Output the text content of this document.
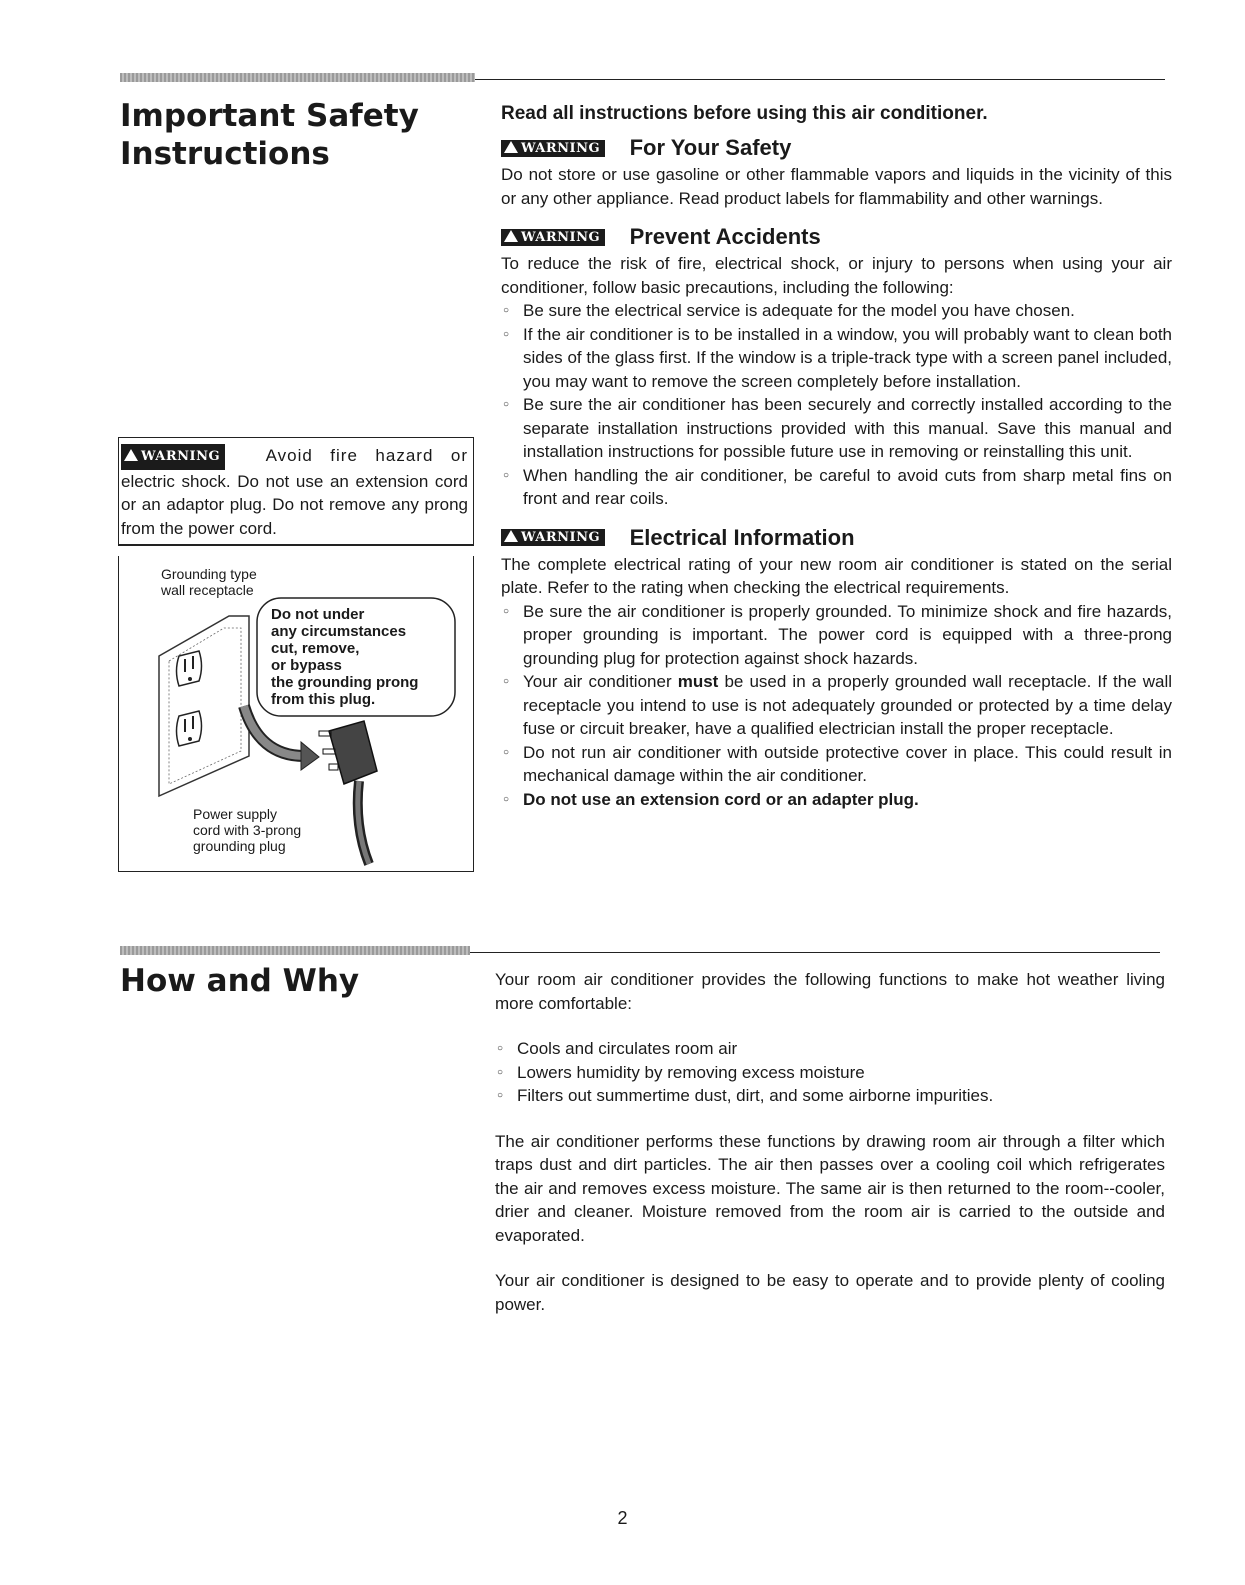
Important Safety
Instructions
Read all instructions before using this air conditioner.
WARNING For Your Safety

Do not store or use gasoline or other flammable vapors and liquids in the vicinity of this or any other appliance. Read product labels for flammability and other warnings.

WARNING Prevent Accidents

To reduce the risk of fire, electrical shock, or injury to persons when using your air conditioner, follow basic precautions, including the following:

○ Be sure the electrical service is adequate for the model you have chosen.
○ If the air conditioner is to be installed in a window, you will probably want to clean both sides of the glass first. If the window is a triple-track type with a screen panel included, you may want to remove the screen completely before installation.
○ Be sure the air conditioner has been securely and correctly installed according to the separate installation instructions provided with this manual. Save this manual and installation instructions for possible future use in removing or reinstalling this unit.
○ When handling the air conditioner, be careful to avoid cuts from sharp metal fins on front and rear coils.
WARNING Electrical Information

The complete electrical rating of your new room air conditioner is stated on the serial plate. Refer to the rating when checking the electrical requirements.

○ Be sure the air conditioner is properly grounded. To minimize shock and fire hazards, proper grounding is important. The power cord is equipped with a three-prong grounding plug for protection against shock hazards.
○ Your air conditioner must be used in a properly grounded wall receptacle. If the wall receptacle you intend to use is not adequately grounded or protected by a time delay fuse or circuit breaker, have a qualified electrician install the proper receptacle.
○ Do not run air conditioner with outside protective cover in place. This could result in mechanical damage within the air conditioner.
○ Do not use an extension cord or an adapter plug.
WARNING	Avoid fire hazard or electric shock. Do not use an extension cord or an adaptor plug. Do not remove any prong from the power cord.
Grounding type
wall receptacle
Do not under
any circumstances
cut, remove,
or bypass
the grounding prong
from this plug.
Power supply
cord with 3-prong
grounding plug
How and Why	Your room air conditioner provides the following functions to make hot weather living more comfortable:

○ Cools and circulates room air
○ Lowers humidity by removing excess moisture
○ Filters out summertime dust, dirt, and some airborne impurities.

The air conditioner performs these functions by drawing room air through a filter which traps dust and dirt particles. The air then passes over a cooling coil which refrigerates the air and removes excess moisture. The same air is then returned to the room--cooler, drier and cleaner. Moisture removed from the room air is carried to the outside and evaporated.

Your air conditioner is designed to be easy to operate and to provide plenty of cooling power.

2
